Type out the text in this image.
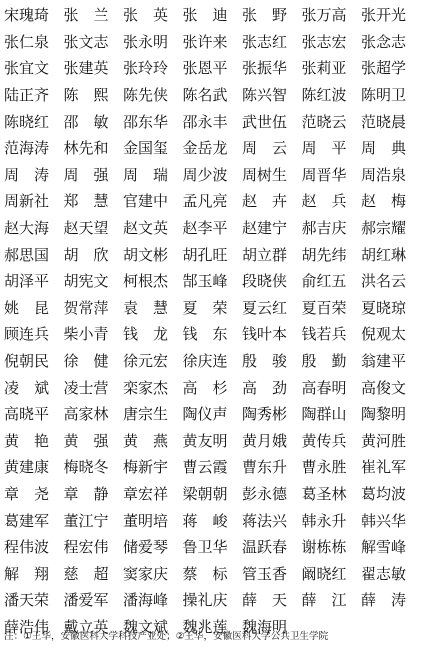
宋瑰琦 张　兰 张　英 张　迪 张　野 张万高 张开光
张仁泉 张文志 张永明 张许来 张志红 张志宏 张念志
张宜文 张建英 张玲玲 张恩平 张振华 张莉亚 张超学
陆正齐 陈　熙 陈先侠 陈名武 陈兴智 陈红波 陈明卫
陈晓红 邵　敏 邵东华 邵永丰 武世伍 范晓云 范晓晨
范海涛 林先和 金国玺 金岳龙 周　云 周　平 周　典
周　涛 周　强 周　瑞 周少波 周树生 周晋华 周浩泉
周新社 郑　慧 官建中 孟凡亮 赵　卉 赵　兵 赵　梅
赵大海 赵天望 赵文英 赵李平 赵建宁 郝吉庆 郝宗耀
郝思国 胡　欣 胡文彬 胡孔旺 胡立群 胡先纬 胡红琳
胡泽平 胡宪文 柯根杰 郜玉峰 段晓侠 俞红五 洪名云
姚　昆 贺常萍 袁　慧 夏　荣 夏云红 夏百荣 夏晓琼
顾连兵 柴小青 钱　龙 钱　东 钱叶本 钱若兵 倪观太
倪朝民 徐　健 徐元宏 徐庆连 殷　骏 殷　勤 翁建平
凌　斌 凌士营 栾家杰 高　杉 高　劲 高春明 高俊文
高晓平 高家林 唐宗生 陶仪声 陶秀彬 陶群山 陶黎明
黄　艳 黄　强 黄　燕 黄友明 黄月娥 黄传兵 黄河胜
黄建康 梅晓冬 梅新宇 曹云霞 曹东升 曹永胜 崔礼军
章　尧 章　静 章宏祥 梁朝朝 彭永德 葛圣林 葛均波
葛建军 董江宁 董明培 蒋　峻 蒋法兴 韩永升 韩兴华
程伟波 程宏伟 储爱琴 鲁卫华 温跃春 谢栋栋 解雪峰
解　翔 慈　超 窦家庆 蔡　标 管玉香 阚晓红 翟志敏
潘天荣 潘爱军 潘海峰 操礼庆 薛　天 薛　江 薛　涛
薛浩伟 戴立英 魏文斌 魏兆莲 魏海明
注：①王华，安徽医科大学科技产业处；②王华，安徽医科大学公共卫生学院
